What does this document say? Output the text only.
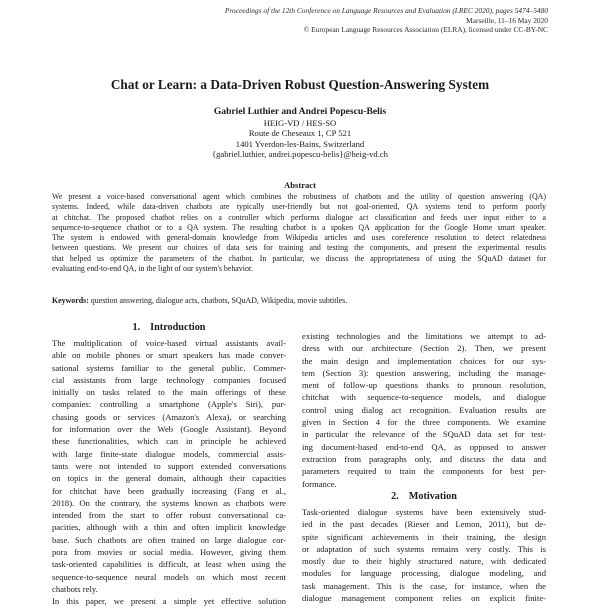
Proceedings of the 12th Conference on Language Resources and Evaluation (LREC 2020), pages 5474–5480
Marseille, 11–16 May 2020
© European Language Resources Association (ELRA), licensed under CC-BY-NC
Chat or Learn: a Data-Driven Robust Question-Answering System
Gabriel Luthier and Andrei Popescu-Belis
HEIG-VD / HES-SO
Route de Cheseaux 1, CP 521
1401 Yverdon-les-Bains, Switzerland
{gabriel.luthier, andrei.popescu-belis}@heig-vd.ch
Abstract
We present a voice-based conversational agent which combines the robustness of chatbots and the utility of question answering (QA)
systems. Indeed, while data-driven chatbots are typically user-friendly but not goal-oriented, QA systems tend to perform poorly
at chitchat. The proposed chatbot relies on a controller which performs dialogue act classification and feeds user input either to a
sequence-to-sequence chatbot or to a QA system. The resulting chatbot is a spoken QA application for the Google Home smart speaker.
The system is endowed with general-domain knowledge from Wikipedia articles and uses coreference resolution to detect relatedness
between questions. We present our choices of data sets for training and testing the components, and present the experimental results
that helped us optimize the parameters of the chatbot. In particular, we discuss the appropriateness of using the SQuAD dataset for
evaluating end-to-end QA, in the light of our system's behavior.
Keywords: question answering, dialogue acts, chatbots, SQuAD, Wikipedia, movie subtitles.
1. Introduction
The multiplication of voice-based virtual assistants avail-
able on mobile phones or smart speakers has made conver-
sational systems familiar to the general public. Commer-
cial assistants from large technology companies focused
initially on tasks related to the main offerings of these
companies: controlling a smartphone (Apple's Siri), pur-
chasing goods or services (Amazon's Alexa), or searching
for information over the Web (Google Assistant). Beyond
these functionalities, which can in principle be achieved
with large finite-state dialogue models, commercial assis-
tants were not intended to support extended conversations
on topics in the general domain, although their capacities
for chitchat have been gradually increasing (Fang et al.,
2018). On the contrary, the systems known as chatbots were
intended from the start to offer robust conversational ca-
pacities, although with a thin and often implicit knowledge
base. Such chatbots are often trained on large dialogue cor-
pora from movies or social media. However, giving them
task-oriented capabilities is difficult, at least when using the
sequence-to-sequence neural models on which most recent
chatbots rely.
In this paper, we present a simple yet effective solution
existing technologies and the limitations we attempt to ad-
dress with our architecture (Section 2). Then, we present
the main design and implementation choices for our sys-
tem (Section 3): question answering, including the manage-
ment of follow-up questions thanks to pronoun resolution,
chitchat with sequence-to-sequence models, and dialogue
control using dialog act recognition. Evaluation results are
given in Section 4 for the three components. We examine
in particular the relevance of the SQuAD data set for test-
ing document-based end-to-end QA, as opposed to answer
extraction from paragraphs only, and discuss the data and
parameters required to train the components for best per-
formance.
2. Motivation
Task-oriented dialogue systems have been extensively stud-
ied in the past decades (Rieser and Lemon, 2011), but de-
spite significant achievements in their training, the design
or adaptation of such systems remains very costly. This is
mostly due to their highly structured nature, with dedicated
modules for language processing, dialogue modeling, and
task management. This is the case, for instance, when the
dialogue management component relies on explicit finite-
